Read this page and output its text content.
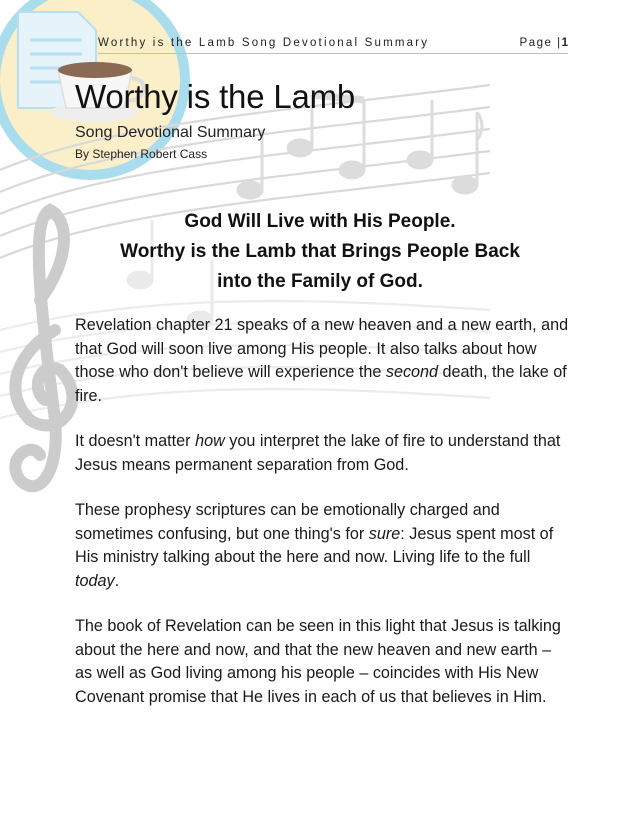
Worthy is the Lamb Song Devotional Summary	Page |1
Worthy is the Lamb
Song Devotional Summary
By Stephen Robert Cass
God Will Live with His People.
Worthy is the Lamb that Brings People Back
into the Family of God.

Revelation chapter 21 speaks of a new heaven and a new earth, and that God will soon live among His people. It also talks about how those who don't believe will experience the second death, the lake of fire.

It doesn't matter how you interpret the lake of fire to understand that Jesus means permanent separation from God.

These prophesy scriptures can be emotionally charged and sometimes confusing, but one thing's for sure: Jesus spent most of His ministry talking about the here and now. Living life to the full today.

The book of Revelation can be seen in this light that Jesus is talking about the here and now, and that the new heaven and new earth – as well as God living among his people – coincides with His New Covenant promise that He lives in each of us that believes in Him.
